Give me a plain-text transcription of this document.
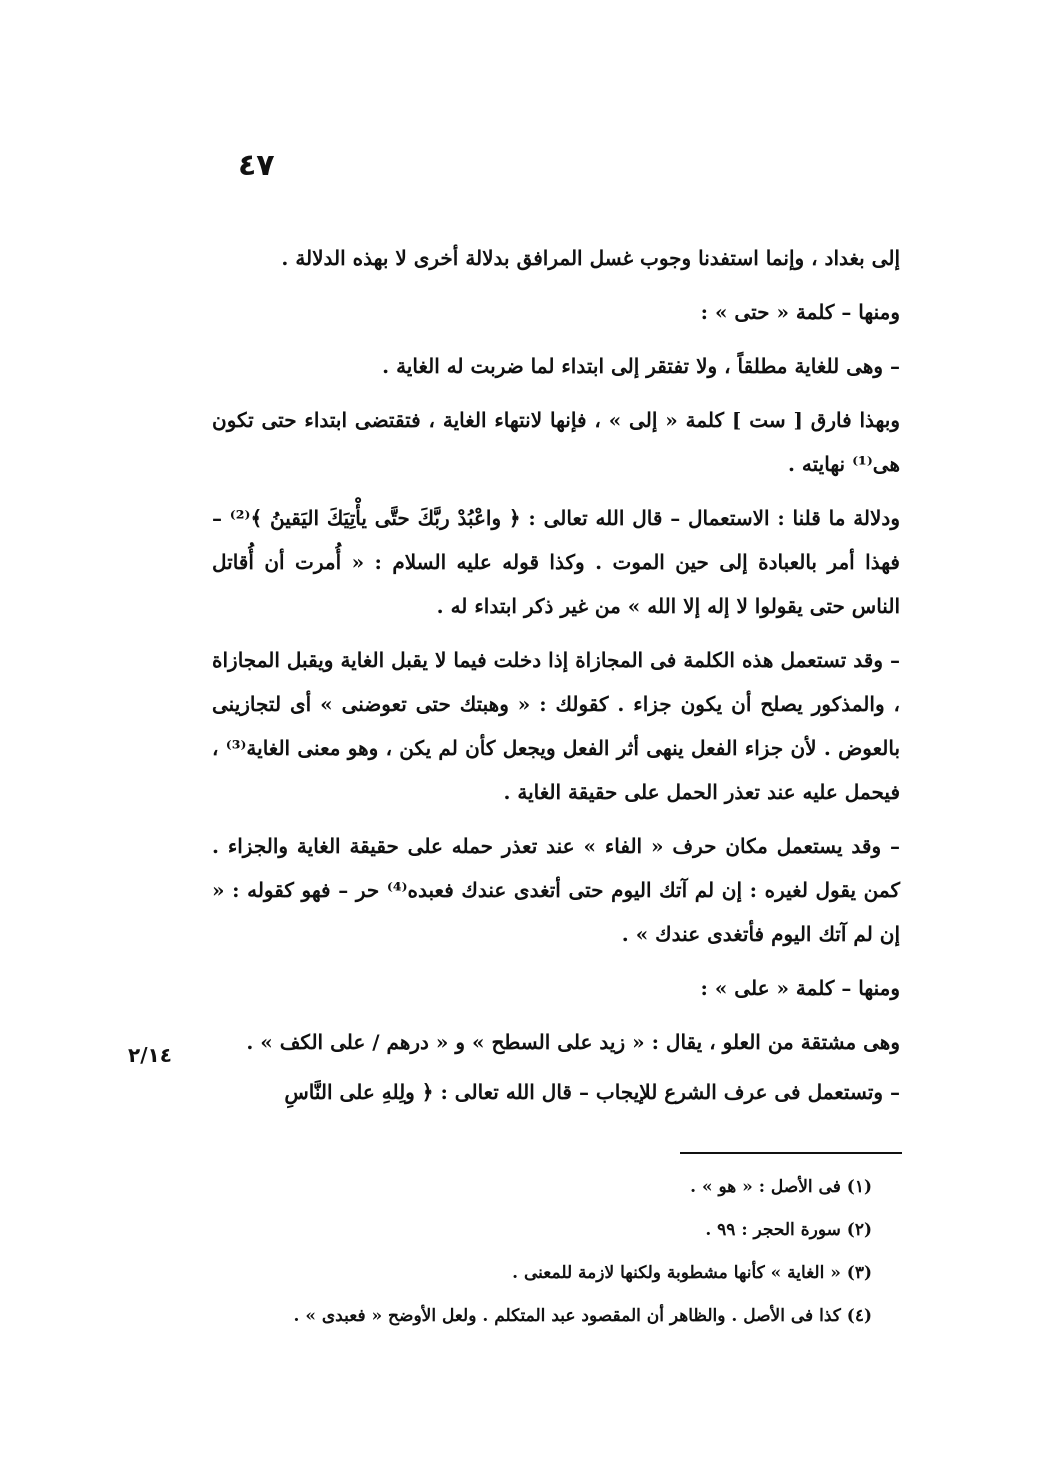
٤٧

إلى بغداد ، وإنما استفدنا وجوب غسل المرافق بدلالة أخرى لا بهذه الدلالة .

ومنها – كلمة « حتى » :

– وهى للغاية مطلقاً ، ولا تفتقر إلى ابتداء لما ضربت له الغاية .

وبهذا فارق [ ست ] كلمة « إلى » ، فإنها لانتهاء الغاية ، فتقتضى ابتداء حتى تكون هى⁽¹⁾ نهايته .

ودلالة ما قلنا : الاستعمال – قال الله تعالى : ﴿ واعْبُدْ ربَّكَ حتَّى يأْتِيَكَ اليَقينُ ﴾⁽²⁾ – فهذا أمر بالعبادة إلى حين الموت . وكذا قوله عليه السلام : « أُمرت أن أُقاتل الناس حتى يقولوا لا إله إلا الله » من غير ذكر ابتداء له .

– وقد تستعمل هذه الكلمة فى المجازاة إذا دخلت فيما لا يقبل الغاية ويقبل المجازاة ، والمذكور يصلح أن يكون جزاء . كقولك : « وهبتك حتى تعوضنى » أى لتجازينى بالعوض . لأن جزاء الفعل ينهى أثر الفعل ويجعل كأن لم يكن ، وهو معنى الغاية⁽³⁾ ، فيحمل عليه عند تعذر الحمل على حقيقة الغاية .

– وقد يستعمل مكان حرف « الفاء » عند تعذر حمله على حقيقة الغاية والجزاء . كمن يقول لغيره : إن لم آتك اليوم حتى أتغدى عندك فعبده⁽⁴⁾ حر – فهو كقوله : « إن لم آتك اليوم فأتغدى عندك » .

ومنها – كلمة « على » :

وهى مشتقة من العلو ، يقال : « زيد على السطح » و « درهم / على الكف » .

– وتستعمل فى عرف الشرع للإيجاب – قال الله تعالى : ﴿ ولِلهِ على النَّاسِ

٢/١٤

(١) فى الأصل : « هو » .

(٢) سورة الحجر : ٩٩ .

(٣) « الغاية » كأنها مشطوبة ولكنها لازمة للمعنى .

(٤) كذا فى الأصل . والظاهر أن المقصود عبد المتكلم . ولعل الأوضح « فعبدى » .
